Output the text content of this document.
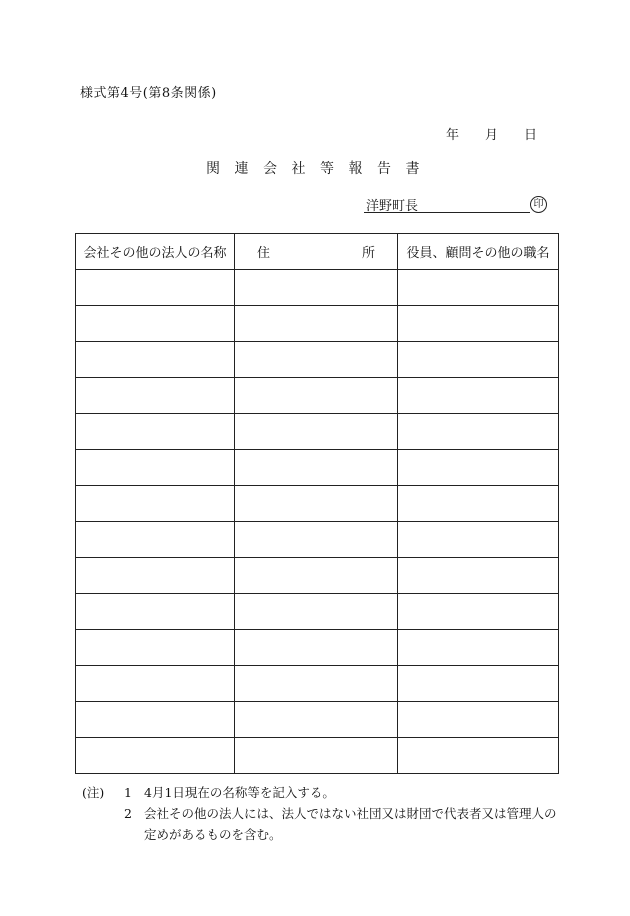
様式第4号(第8条関係)
年 月 日
関連会社等報告書
洋野町長	印
会社その他の法人の名称	住 所	役員、顧問その他の職名

(注)	1 4月1日現在の名称等を記入する。
2 会社その他の法人には、法人ではない社団又は財団で代表者又は管理人の定めがあるものを含む。
